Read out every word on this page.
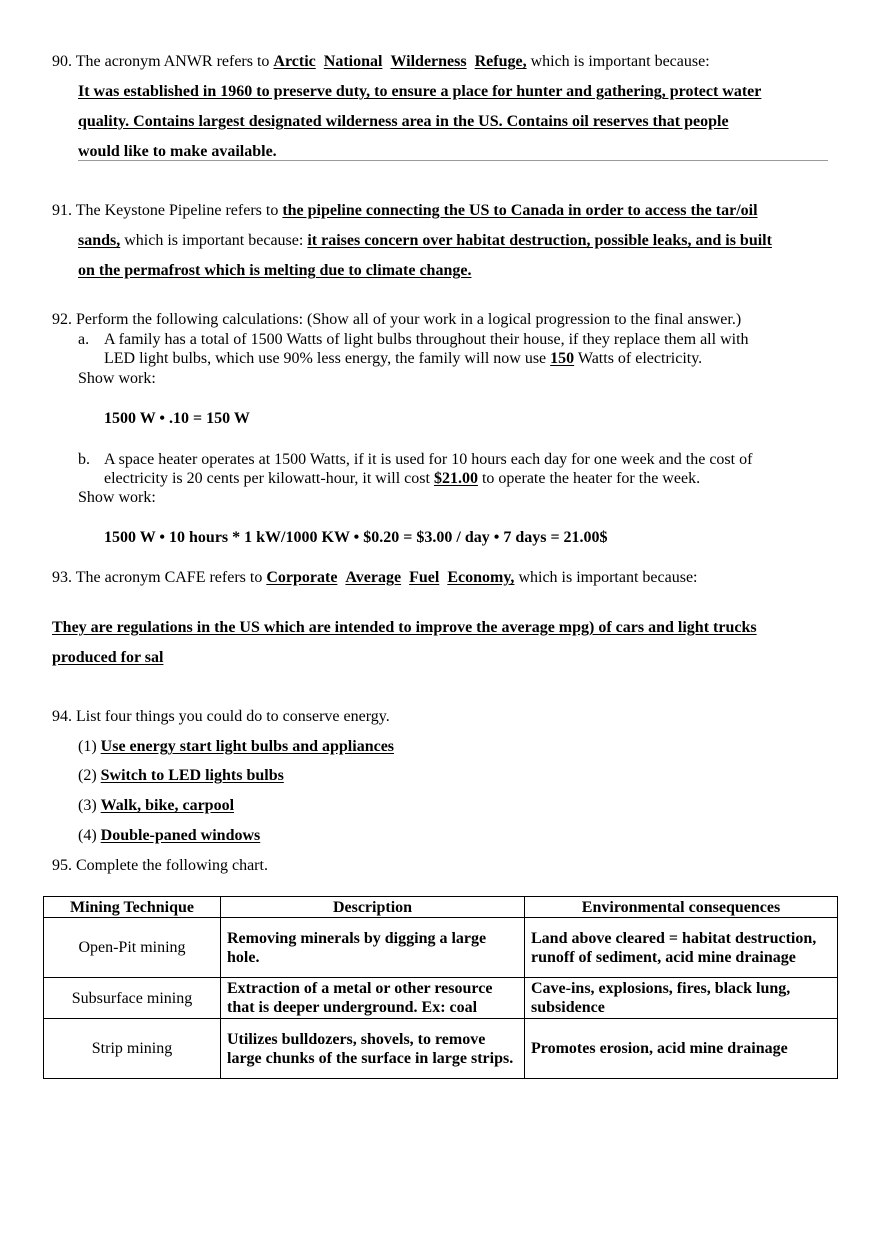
90. The acronym ANWR refers to Arctic National Wilderness Refuge, which is important because:
It was established in 1960 to preserve duty, to ensure a place for hunter and gathering, protect water
quality. Contains largest designated wilderness area in the US. Contains oil reserves that people
would like to make available.
91. The Keystone Pipeline refers to the pipeline connecting the US to Canada in order to access the tar/oil
sands, which is important because: it raises concern over habitat destruction, possible leaks, and is built
on the permafrost which is melting due to climate change.
92. Perform the following calculations: (Show all of your work in a logical progression to the final answer.)
a. A family has a total of 1500 Watts of light bulbs throughout their house, if they replace them all with
LED light bulbs, which use 90% less energy, the family will now use 150 Watts of electricity.
Show work:
1500 W • .10 = 150 W
b. A space heater operates at 1500 Watts, if it is used for 10 hours each day for one week and the cost of
electricity is 20 cents per kilowatt-hour, it will cost $21.00 to operate the heater for the week.
Show work:
1500 W • 10 hours * 1 kW/1000 KW • $0.20 = $3.00 / day • 7 days = 21.00$
93. The acronym CAFE refers to Corporate Average Fuel Economy, which is important because:
They are regulations in the US which are intended to improve the average mpg) of cars and light trucks
produced for sal
94. List four things you could do to conserve energy.
(1) Use energy start light bulbs and appliances
(2) Switch to LED lights bulbs
(3) Walk, bike, carpool
(4) Double-paned windows
95. Complete the following chart.
Mining Technique	Description	Environmental consequences
Open-Pit mining	Removing minerals by digging a large hole.	Land above cleared = habitat destruction, runoff of sediment, acid mine drainage
Subsurface mining	Extraction of a metal or other resource that is deeper underground. Ex: coal	Cave-ins, explosions, fires, black lung, subsidence
Strip mining	Utilizes bulldozers, shovels, to remove large chunks of the surface in large strips.	Promotes erosion, acid mine drainage
